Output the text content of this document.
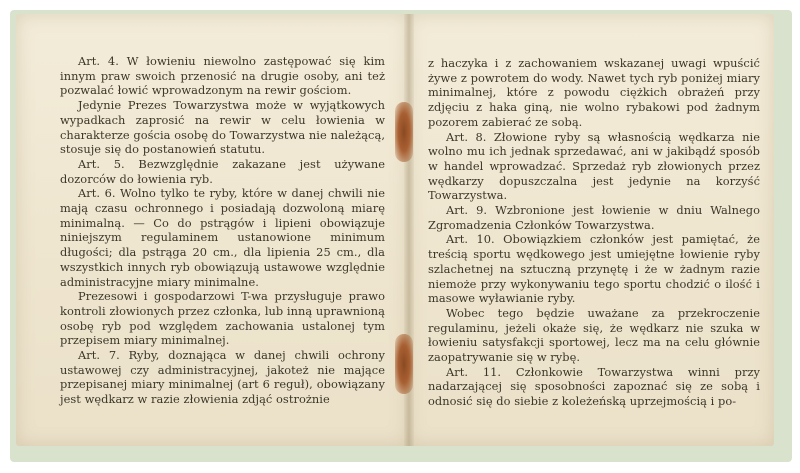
Art. 4. W łowieniu niewolno zastępować się kim innym praw swoich przenosić na drugie osoby, ani też pozwalać łowić wprowadzonym na rewir gościom.

Jedynie Prezes Towarzystwa może w wyjątkowych wypadkach zaprosić na rewir w celu łowienia w charakterze gościa osobę do Towarzystwa nie należącą, stosuje się do postanowień statutu.

Art. 5. Bezwzględnie zakazane jest używane dozorców do łowienia ryb.

Art. 6. Wolno tylko te ryby, które w danej chwili nie mają czasu ochronnego i posiadają dozwoloną miarę minimalną. — Co do pstrągów i lipieni obowiązuje niniejszym regulaminem ustanowione minimum długości; dla pstrąga 20 cm., dla lipienia 25 cm., dla wszystkich innych ryb obowiązują ustawowe względnie administracyjne miary minimalne.

Prezesowi i gospodarzowi T-wa przysługuje prawo kontroli złowionych przez członka, lub inną uprawnioną osobę ryb pod względem zachowania ustalonej tym przepisem miary minimalnej.

Art. 7. Ryby, doznająca w danej chwili ochrony ustawowej czy administracyjnej, jakoteż nie mające przepisanej miary minimalnej (art 6 reguł), obowiązany jest wędkarz w razie złowienia zdjąć ostrożnie

z haczyka i z zachowaniem wskazanej uwagi wpuścić żywe z powrotem do wody. Nawet tych ryb poniżej miary minimalnej, które z powodu ciężkich obrażeń przy zdjęciu z haka giną, nie wolno rybakowi pod żadnym pozorem zabierać ze sobą.

Art. 8. Złowione ryby są własnością wędkarza nie wolno mu ich jednak sprzedawać, ani w jakibądź sposób w handel wprowadzać. Sprzedaż ryb złowionych przez wędkarzy dopuszczalna jest jedynie na korzyść Towarzystwa.

Art. 9. Wzbronione jest łowienie w dniu Walnego Zgromadzenia Członków Towarzystwa.

Art. 10. Obowiązkiem członków jest pamiętać, że treścią sportu wędkowego jest umiejętne łowienie ryby szlachetnej na sztuczną przynętę i że w żadnym razie niemoże przy wykonywaniu tego sportu chodzić o ilość i masowe wyławianie ryby.

Wobec tego będzie uważane za przekroczenie regulaminu, jeżeli okaże się, że wędkarz nie szuka w łowieniu satysfakcji sportowej, lecz ma na celu głównie zaopatrywanie się w rybę.

Art. 11. Członkowie Towarzystwa winni przy nadarzającej się sposobności zapoznać się ze sobą i odnosić się do siebie z koleżeńską uprzejmością i po-
